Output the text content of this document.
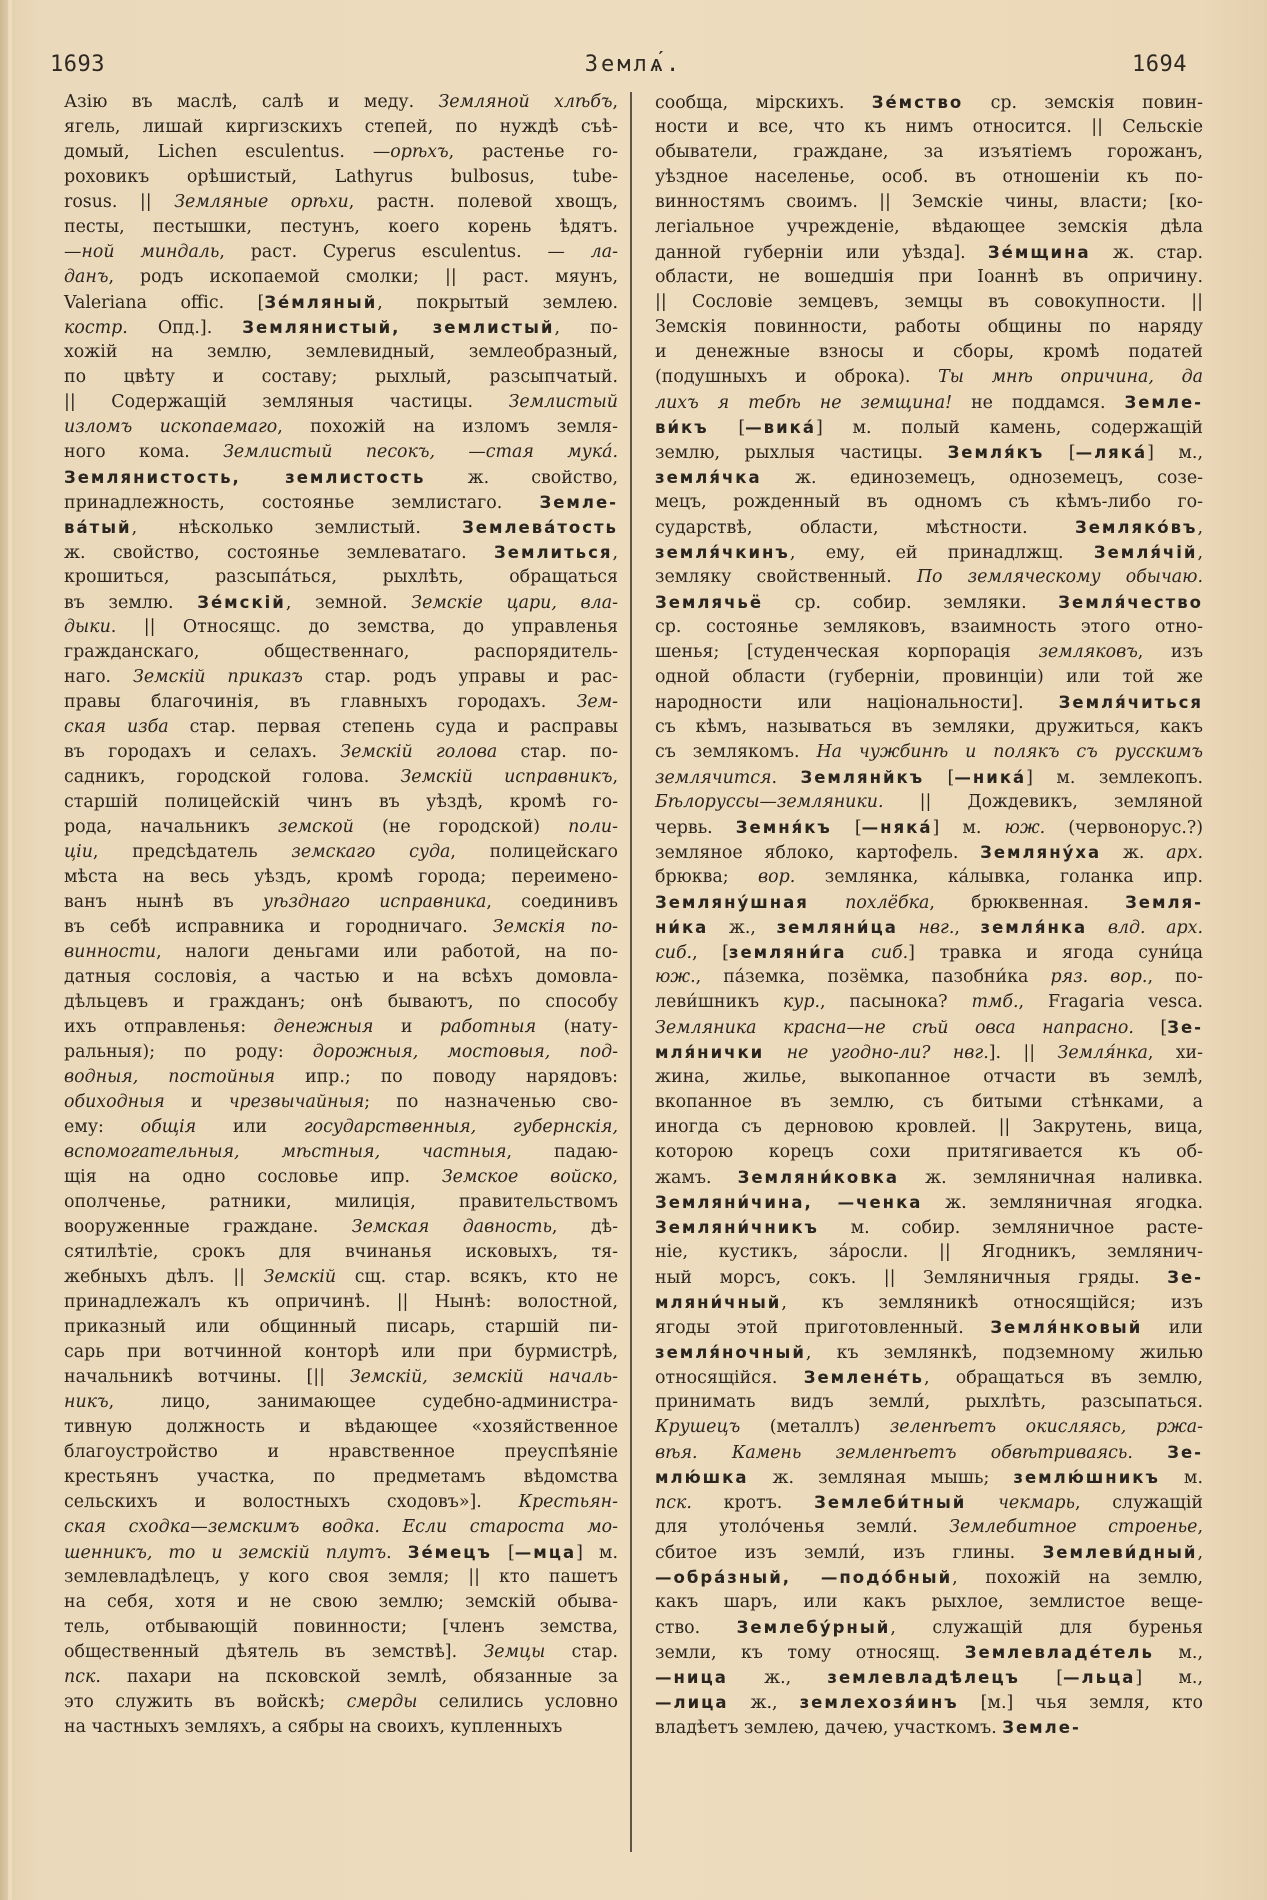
1693	Землѧ́.	1694
Азію въ маслѣ, салѣ и меду. Земляной хлѣбъ,
ягель, лишай киргизскихъ степей, по нуждѣ съѣ-
домый, Lichen esculentus. —орѣхъ, растенье го-
роховикъ орѣшистый, Lathyrus bulbosus, tube-
rosus. || Земляные орѣхи, растн. полевой хвощъ,
песты, пестышки, пестунъ, коего корень ѣдятъ.
—ной миндаль, раст. Cyperus esculentus. — ла-
данъ, родъ ископаемой смолки; || раст. мяунъ,
Valeriana offic. [Зе́мляный, покрытый землею.
костр. Опд.]. Землянистый, землистый, по-
хожій на землю, землевидный, землеобразный,
по цвѣту и составу; рыхлый, разсыпчатый.
|| Содержащій земляныя частицы. Землистый
изломъ ископаемаго, похожій на изломъ земля-
ного кома. Землистый песокъ, —стая мука́.
Землянистость, землистость ж. свойство,
принадлежность, состоянье землистаго. Земле-
ва́тый, нѣсколько землистый. Землева́тость
ж. свойство, состоянье землеватаго. Землиться,
крошиться, разсыпа́ться, рыхлѣть, обращаться
въ землю. Зе́мскій, земной. Земскіе цари, вла-
дыки. || Относящс. до земства, до управленья
гражданскаго, общественнаго, распорядитель-
наго. Земскій приказъ стар. родъ управы и рас-
правы благочинія, въ главныхъ городахъ. Зем-
ская изба стар. первая степень суда и расправы
въ городахъ и селахъ. Земскій голова стар. по-
садникъ, городской голова. Земскій исправникъ,
старшій полицейскій чинъ въ уѣздѣ, кромѣ го-
рода, начальникъ земской (не городской) поли-
ціи, предсѣдатель земскаго суда, полицейскаго
мѣста на весь уѣздъ, кромѣ города; переимено-
ванъ нынѣ въ уѣзднаго исправника, соединивъ
въ себѣ исправника и городничаго. Земскія по-
винности, налоги деньгами или работой, на по-
датныя сословія, а частью и на всѣхъ домовла-
дѣльцевъ и гражданъ; онѣ бываютъ, по способу
ихъ отправленья: денежныя и работныя (нату-
ральныя); по роду: дорожныя, мостовыя, под-
водныя, постойныя ипр.; по поводу нарядовъ:
обиходныя и чрезвычайныя; по назначенью сво-
ему: общія или государственныя, губернскія,
вспомогательныя, мѣстныя, частныя, падаю-
щія на одно сословье ипр. Земское войско,
ополченье, ратники, милиція, правительствомъ
вооруженные граждане. Земская давность, дѣ-
сятилѣтіе, срокъ для вчинанья исковыхъ, тя-
жебныхъ дѣлъ. || Земскій сщ. стар. всякъ, кто не
принадлежалъ къ опричинѣ. || Нынѣ: волостной,
приказный или общинный писарь, старшій пи-
сарь при вотчинной конторѣ или при бурмистрѣ,
начальникѣ вотчины. [|| Земскій, земскій началь-
никъ, лицо, занимающее судебно-администра-
тивную должность и вѣдающее «хозяйственное
благоустройство и нравственное преуспѣяніе
крестьянъ участка, по предметамъ вѣдомства
сельскихъ и волостныхъ сходовъ»]. Крестьян-
ская сходка—земскимъ водка. Если староста мо-
шенникъ, то и земскій плутъ. Зе́мецъ [—мца] м.
землевладѣлецъ, у кого своя земля; || кто пашетъ
на себя, хотя и не свою землю; земскій обыва-
тель, отбывающій повинности; [членъ земства,
общественный дѣятель въ земствѣ]. Земцы стар.
пск. пахари на псковской землѣ, обязанные за
это служить въ войскѣ; смерды селились условно
на частныхъ земляхъ, а сябры на своихъ, купленныхъ
сообща, мірскихъ. Зе́мство ср. земскія повин-
ности и все, что къ нимъ относится. || Сельскіе
обыватели, граждане, за изъятіемъ горожанъ,
уѣздное населенье, особ. въ отношеніи къ по-
винностямъ своимъ. || Земскіе чины, власти; [ко-
легіальное учрежденіе, вѣдающее земскія дѣла
данной губерніи или уѣзда]. Зе́мщина ж. стар.
области, не вошедшія при Іоаннѣ въ опричину.
|| Сословіе земцевъ, земцы въ совокупности. ||
Земскія повинности, работы общины по наряду
и денежные взносы и сборы, кромѣ податей
(подушныхъ и оброка). Ты мнѣ опричина, да
лихъ я тебѣ не земщина! не поддамся. Земле-
ви́къ [—вика́] м. полый камень, содержащій
землю, рыхлыя частицы. Земля́къ [—ляка́] м.,
земля́чка ж. единоземецъ, одноземецъ, созе-
мецъ, рожденный въ одномъ съ кѣмъ-либо го-
сударствѣ, области, мѣстности. Земляко́въ,
земля́чкинъ, ему, ей принадлжщ. Земля́чій,
земляку свойственный. По земляческому обычаю.
Землячьё ср. собир. земляки. Земля́чество
ср. состоянье земляковъ, взаимность этого отно-
шенья; [студенческая корпорація земляковъ, изъ
одной области (губерніи, провинціи) или той же
народности или національности]. Земля́читься
съ кѣмъ, называться въ земляки, дружиться, какъ
съ землякомъ. На чужбинѣ и полякъ съ русскимъ
землячится. Землянйкъ [—ника́] м. землекопъ.
Бѣлоруссы—земляники. || Дождевикъ, земляной
червь. Земня́къ [—няка́] м. юж. (червонорус.?)
земляное яблоко, картофель. Земляну́ха ж. арх.
брюква; вор. землянка, ка́лывка, голанка ипр.
Земляну́шная похлёбка, брюквенная. Земля-
ни́ка ж., земляни́ца нвг., земля́нка влд. арх.
сиб., [земляни́га сиб.] травка и ягода суни́ца
юж., па́земка, позёмка, пазобни́ка ряз. вор., по-
леви́шникъ кур., пасынока? тмб., Fragaria vesca.
Земляника красна—не сѣй овса напрасно. [Зе-
мля́нички не угодно-ли? нвг.]. || Земля́нка, хи-
жина, жилье, выкопанное отчасти въ землѣ,
вкопанное въ землю, съ битыми стѣнками, а
иногда съ дерновою кровлей. || Закрутень, вица,
которою корецъ сохи притягивается къ об-
жамъ. Земляни́ковка ж. земляничная наливка.
Земляни́чина, —ченка ж. земляничная ягодка.
Земляни́чникъ м. собир. земляничное расте-
ніе, кустикъ, за́росли. || Ягодникъ, землянич-
ный морсъ, сокъ. || Земляничныя гряды. Зе-
мляни́чный, къ земляникѣ относящійся; изъ
ягоды этой приготовленный. Земля́нковый или
земля́ночный, къ землянкѣ, подземному жилью
относящійся. Землене́ть, обращаться въ землю,
принимать видъ земли́, рыхлѣть, разсыпаться.
Крушецъ (металлъ) зеленѣетъ окисляясь, ржа-
вѣя. Камень земленѣетъ обвѣтриваясь. Зе-
млю́шка ж. земляная мышь; землю́шникъ м.
пск. кротъ. Землеби́тный чекмарь, служащій
для утоло́ченья земли́. Землебитное строенье,
сбитое изъ земли́, изъ глины. Землеви́дный,
—обра́зный, —подо́бный, похожій на землю,
какъ шаръ, или какъ рыхлое, землистое веще-
ство. Землебу́рный, служащій для буренья
земли, къ тому относящ. Землевладе́тель м.,
—ница ж., землевладѣлецъ [—льца] м.,
—лица ж., землехозя́инъ [м.] чья земля, кто
владѣетъ землею, дачею, участкомъ. Земле-
